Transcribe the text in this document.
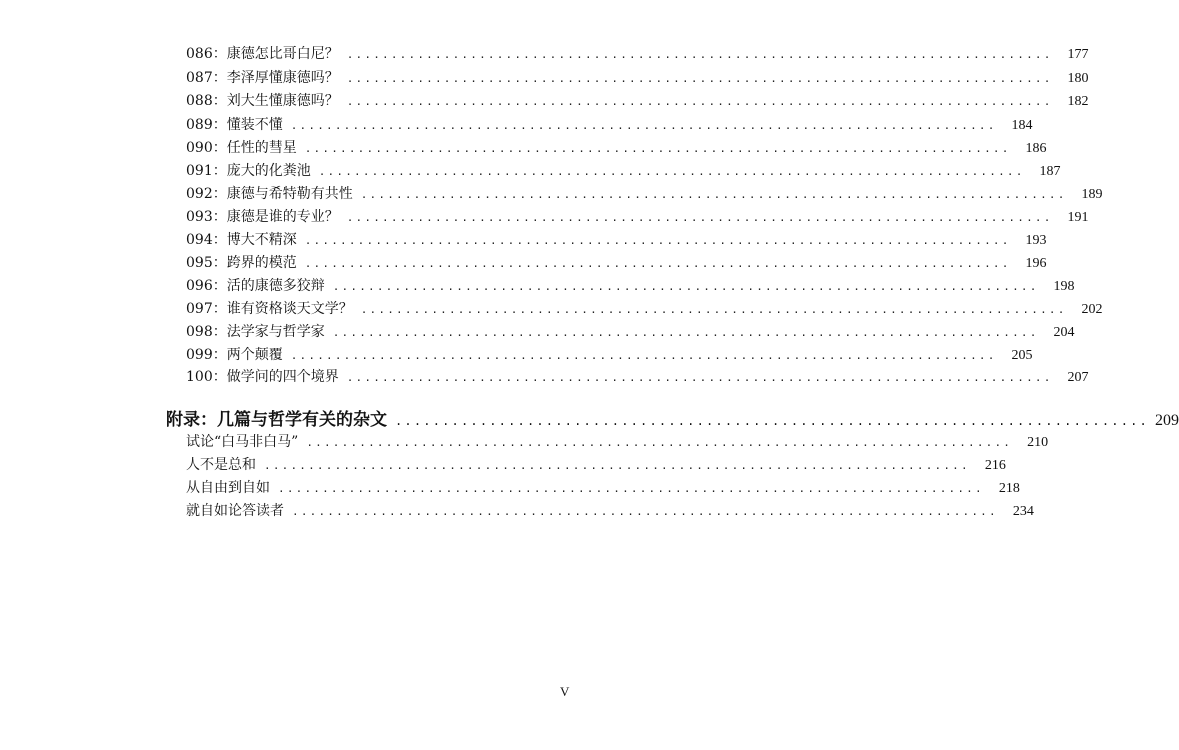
086：康德怎比哥白尼？ ................................................................................	177
087：李泽厚懂康德吗？ ................................................................................	180
088：刘大生懂康德吗？ ................................................................................	182
089：懂装不懂 ................................................................................	184
090：任性的彗星 ................................................................................	186
091：庞大的化粪池 ................................................................................	187
092：康德与希特勒有共性 ................................................................................	189
093：康德是谁的专业？ ................................................................................	191
094：博大不精深 ................................................................................	193
095：跨界的模范 ................................................................................	196
096：活的康德多狡辩 ................................................................................	198
097：谁有资格谈天文学？ ................................................................................	202
098：法学家与哲学家 ................................................................................	204
099：两个颠覆 ................................................................................	205
100：做学问的四个境界 ................................................................................	207
附录：几篇与哲学有关的杂文 ................................................................................ 209
试论“白马非白马” ................................................................................	210
人不是总和 ................................................................................	216
从自由到自如 ................................................................................	218
就自如论答读者 ................................................................................	234
V
